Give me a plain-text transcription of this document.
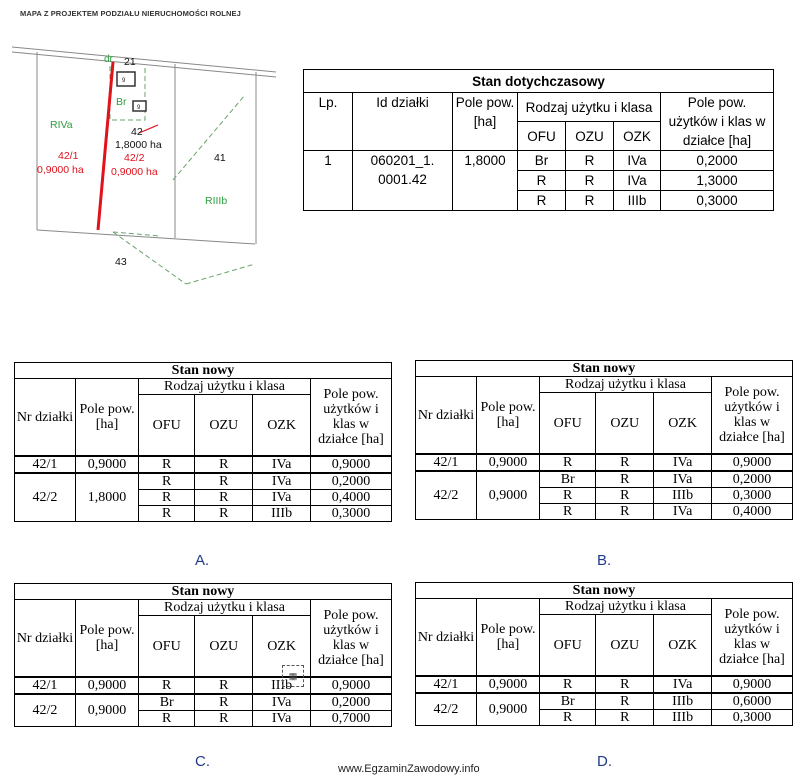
MAPA Z PROJEKTEM PODZIAŁU NIERUCHOMOŚCI ROLNEJ
9
9
dr 21
Br
RIVa
RIIIb
41
43
42
1,8000 ha
42/1
0,9000 ha
42/2
0,9000 ha
Stan dotychczasowy						
Lp.	Id działki	Pole pow. [ha]	Rodzaj użytku i klasa			Pole pow. użytków i klas w działce [ha]
			OFU	OZU	OZK	
1	060201_1.
0001.42	1,8000	Br	R	IVa	0,2000
			R	R	IVa	1,3000
			R	R	IIIb	0,3000
Stan nowy					
Nr działki	Pole pow. [ha]	Rodzaj użytku i klasa			Pole pow. użytków i klas w działce [ha]
		OFU	OZU	OZK	
42/1	0,9000	R	R	IVa	0,9000
42/2	1,8000	R	R	IVa	0,2000
		R	R	IVa	0,4000
		R	R	IIIb	0,3000
Stan nowy					
Nr działki	Pole pow. [ha]	Rodzaj użytku i klasa			Pole pow. użytków i klas w działce [ha]
		OFU	OZU	OZK	
42/1	0,9000	R	R	IVa	0,9000
42/2	0,9000	Br	R	IVa	0,2000
		R	R	IIIb	0,3000
		R	R	IVa	0,4000
Stan nowy					
Nr działki	Pole pow. [ha]	Rodzaj użytku i klasa			Pole pow. użytków i klas w działce [ha]
		OFU	OZU	OZK	
42/1	0,9000	R	R	IIIb	0,9000
42/2	0,9000	Br	R	IVa	0,2000
		R	R	IVa	0,7000
Stan nowy					
Nr działki	Pole pow. [ha]	Rodzaj użytku i klasa			Pole pow. użytków i klas w działce [ha]
		OFU	OZU	OZK	
42/1	0,9000	R	R	IVa	0,9000
42/2	0,9000	Br	R	IIIb	0,6000
		R	R	IIIb	0,3000
A.	B.
C.	D.
▦
www.EgzaminZawodowy.info
